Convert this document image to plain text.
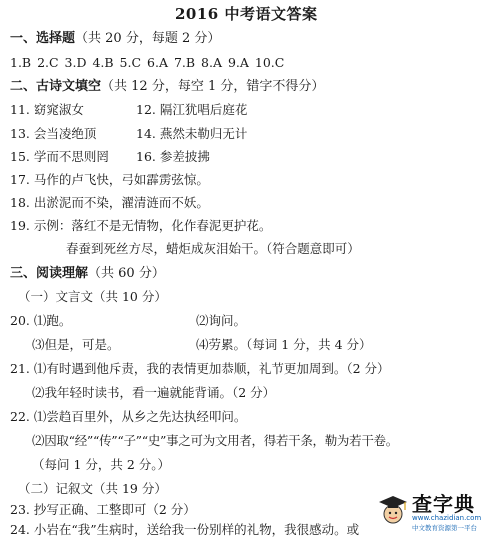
2016 中考语文答案
一、选择题（共 20 分，每题 2 分）
1.B 2.C 3.D 4.B 5.C 6.A 7.B 8.A 9.A 10.C
二、古诗文填空（共 12 分，每空 1 分，错字不得分）
11. 窈窕淑女	12. 隔江犹唱后庭花
13. 会当凌绝顶	14. 燕然未勒归无计
15. 学而不思则罔 16. 参差披拂
17. 马作的卢飞快，弓如霹雳弦惊。
18. 出淤泥而不染，濯清涟而不妖。
19. 示例：落红不是无情物，化作春泥更护花。
春蚕到死丝方尽，蜡炬成灰泪始干。（符合题意即可）
三、阅读理解（共 60 分）
（一）文言文（共 10 分）
20. ⑴跑。	⑵询问。
⑶但是，可是。	⑷劳累。（每词 1 分，共 4 分）
21. ⑴有时遇到他斥责，我的表情更加恭顺，礼节更加周到。（2 分）
⑵我年轻时读书，看一遍就能背诵。（2 分）
22. ⑴尝趋百里外，从乡之先达执经叩问。
⑵因取“经”“传”“子”“史”事之可为文用者，得若干条，勒为若干卷。
（每问 1 分，共 2 分。）
（二）记叙文（共 19 分）
23. 抄写正确、工整即可（2 分）	查字典
www.chazidian.com
中文教育资源第一平台
24. 小岩在“我”生病时，送给我一份别样的礼物，我很感动。或
